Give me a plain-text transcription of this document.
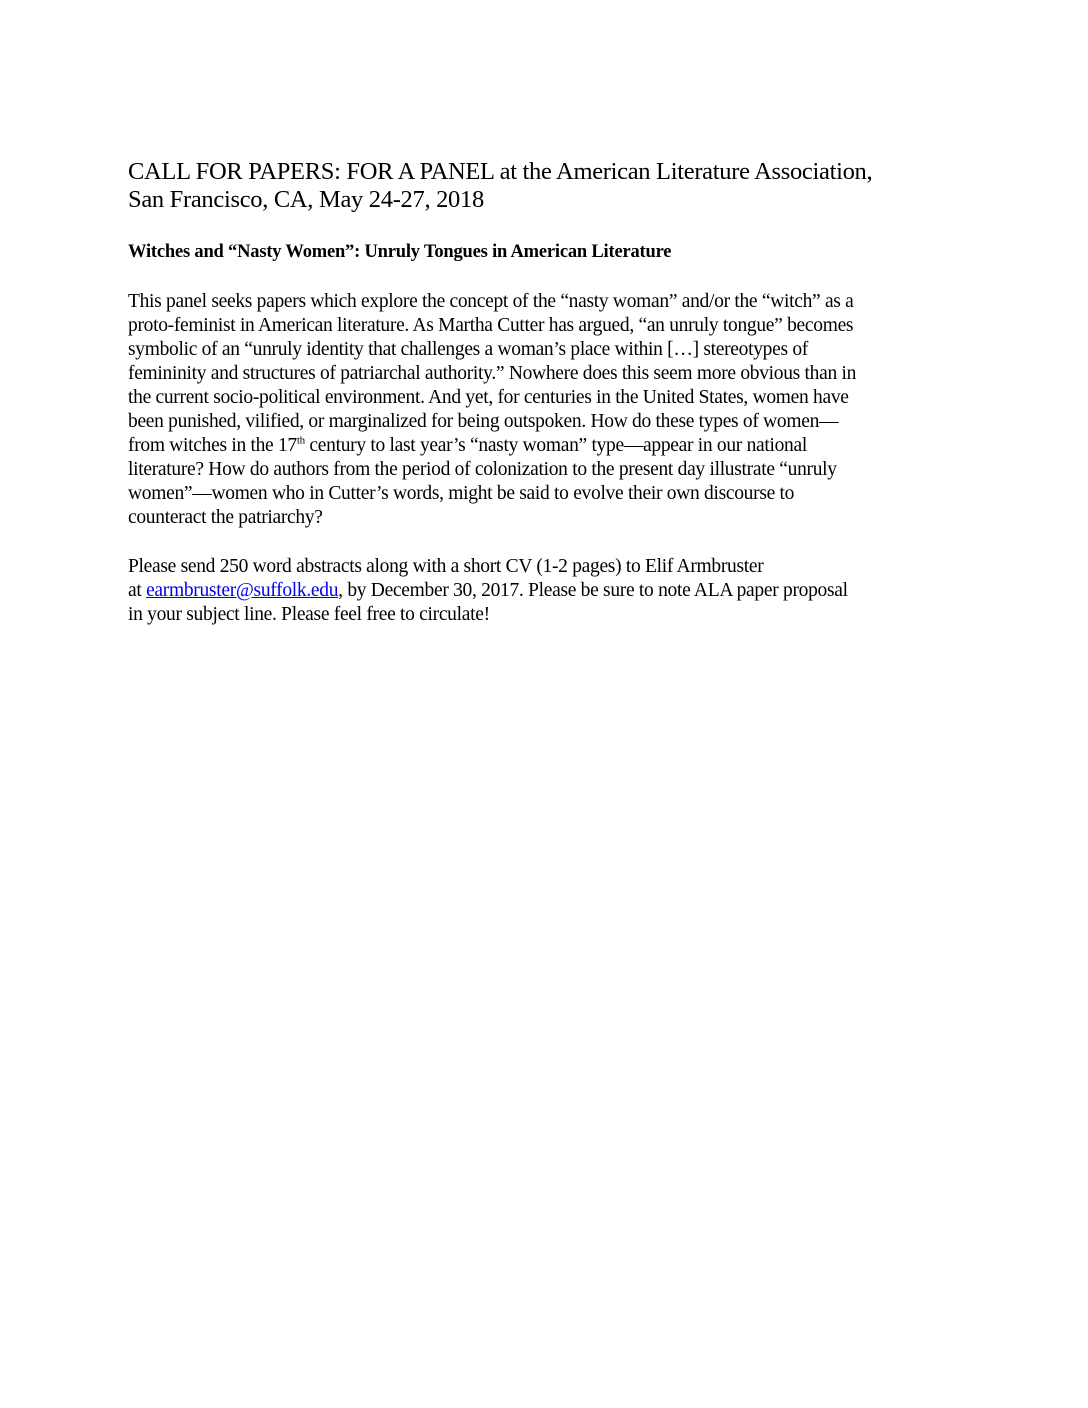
CALL FOR PAPERS: FOR A PANEL at the American Literature Association,
San Francisco, CA, May 24-27, 2018
Witches and “Nasty Women”: Unruly Tongues in American Literature
This panel seeks papers which explore the concept of the “nasty woman” and/or the “witch” as a
proto-feminist in American literature. As Martha Cutter has argued, “an unruly tongue” becomes
symbolic of an “unruly identity that challenges a woman’s place within […] stereotypes of
femininity and structures of patriarchal authority.” Nowhere does this seem more obvious than in
the current socio-political environment. And yet, for centuries in the United States, women have
been punished, vilified, or marginalized for being outspoken. How do these types of women—
from witches in the 17th century to last year’s “nasty woman” type—appear in our national
literature? How do authors from the period of colonization to the present day illustrate “unruly
women”—women who in Cutter’s words, might be said to evolve their own discourse to
counteract the patriarchy?
Please send 250 word abstracts along with a short CV (1-2 pages) to Elif Armbruster
at earmbruster@suffolk.edu, by December 30, 2017. Please be sure to note ALA paper proposal
in your subject line. Please feel free to circulate!
